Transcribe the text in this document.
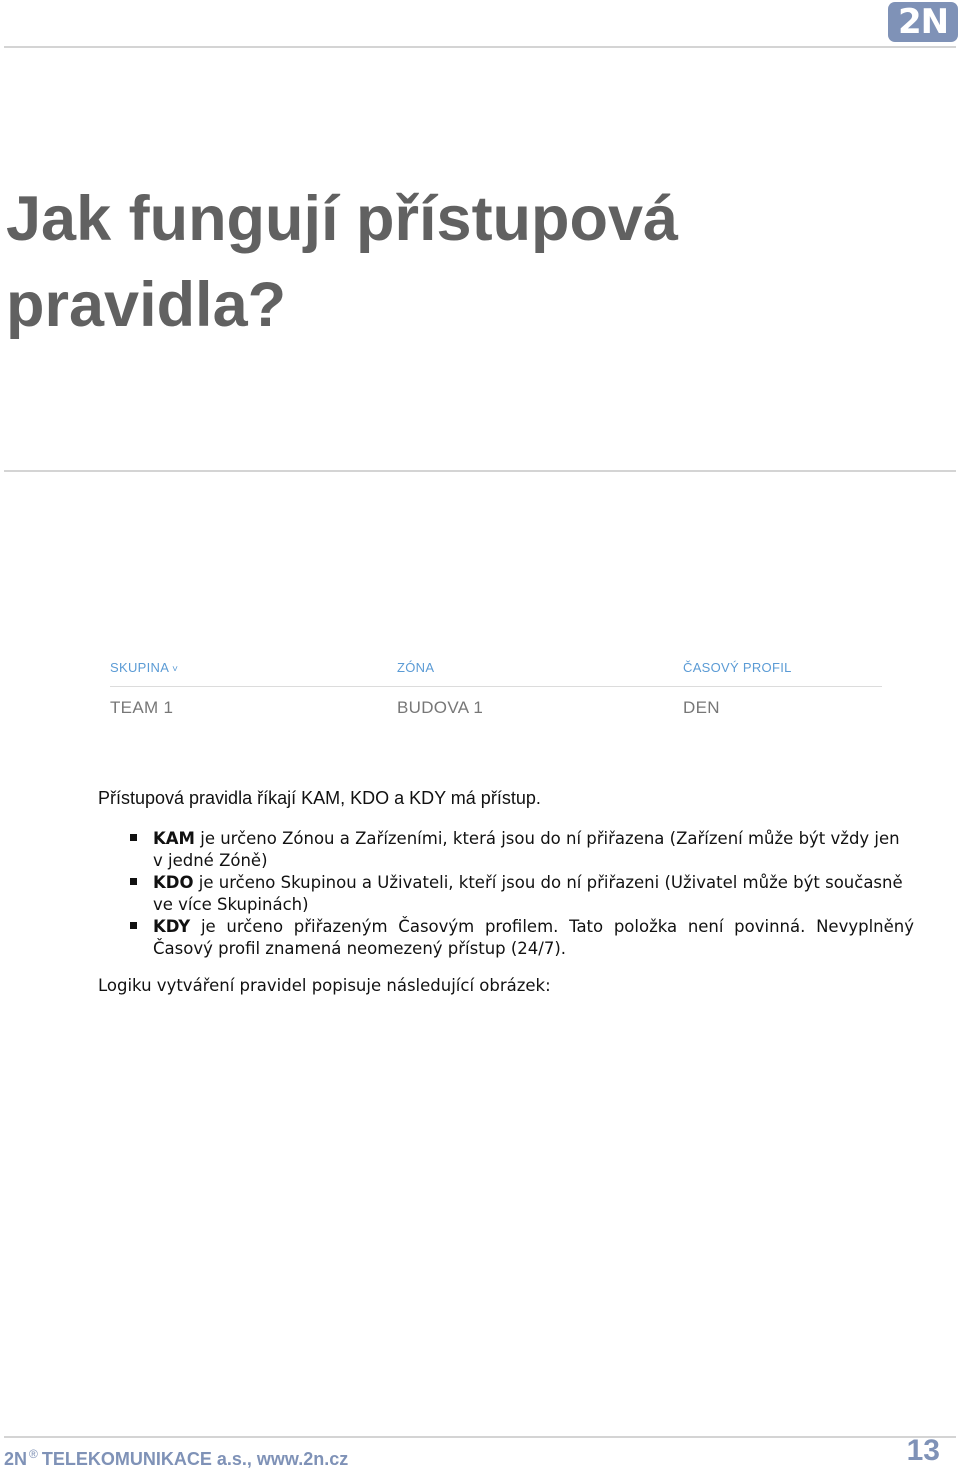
2N
Jak fungují přístupová
pravidla?
SKUPINA ˅	ZÓNA	ČASOVÝ PROFIL
TEAM 1	BUDOVA 1	DEN

Přístupová pravidla říkají KAM, KDO a KDY má přístup.

KAM je určeno Zónou a Zařízeními, která jsou do ní přiřazena (Zařízení může být vždy jen v jedné Zóně)
KDO je určeno Skupinou a Uživateli, kteří jsou do ní přiřazeni (Uživatel může být současně ve více Skupinách)
KDY je určeno přiřazeným Časovým profilem. Tato položka není povinná. Nevyplněný Časový profil znamená neomezený přístup (24/7).

Logiku vytváření pravidel popisuje následující obrázek:

2N ® TELEKOMUNIKACE a.s., www.2n.cz	13
